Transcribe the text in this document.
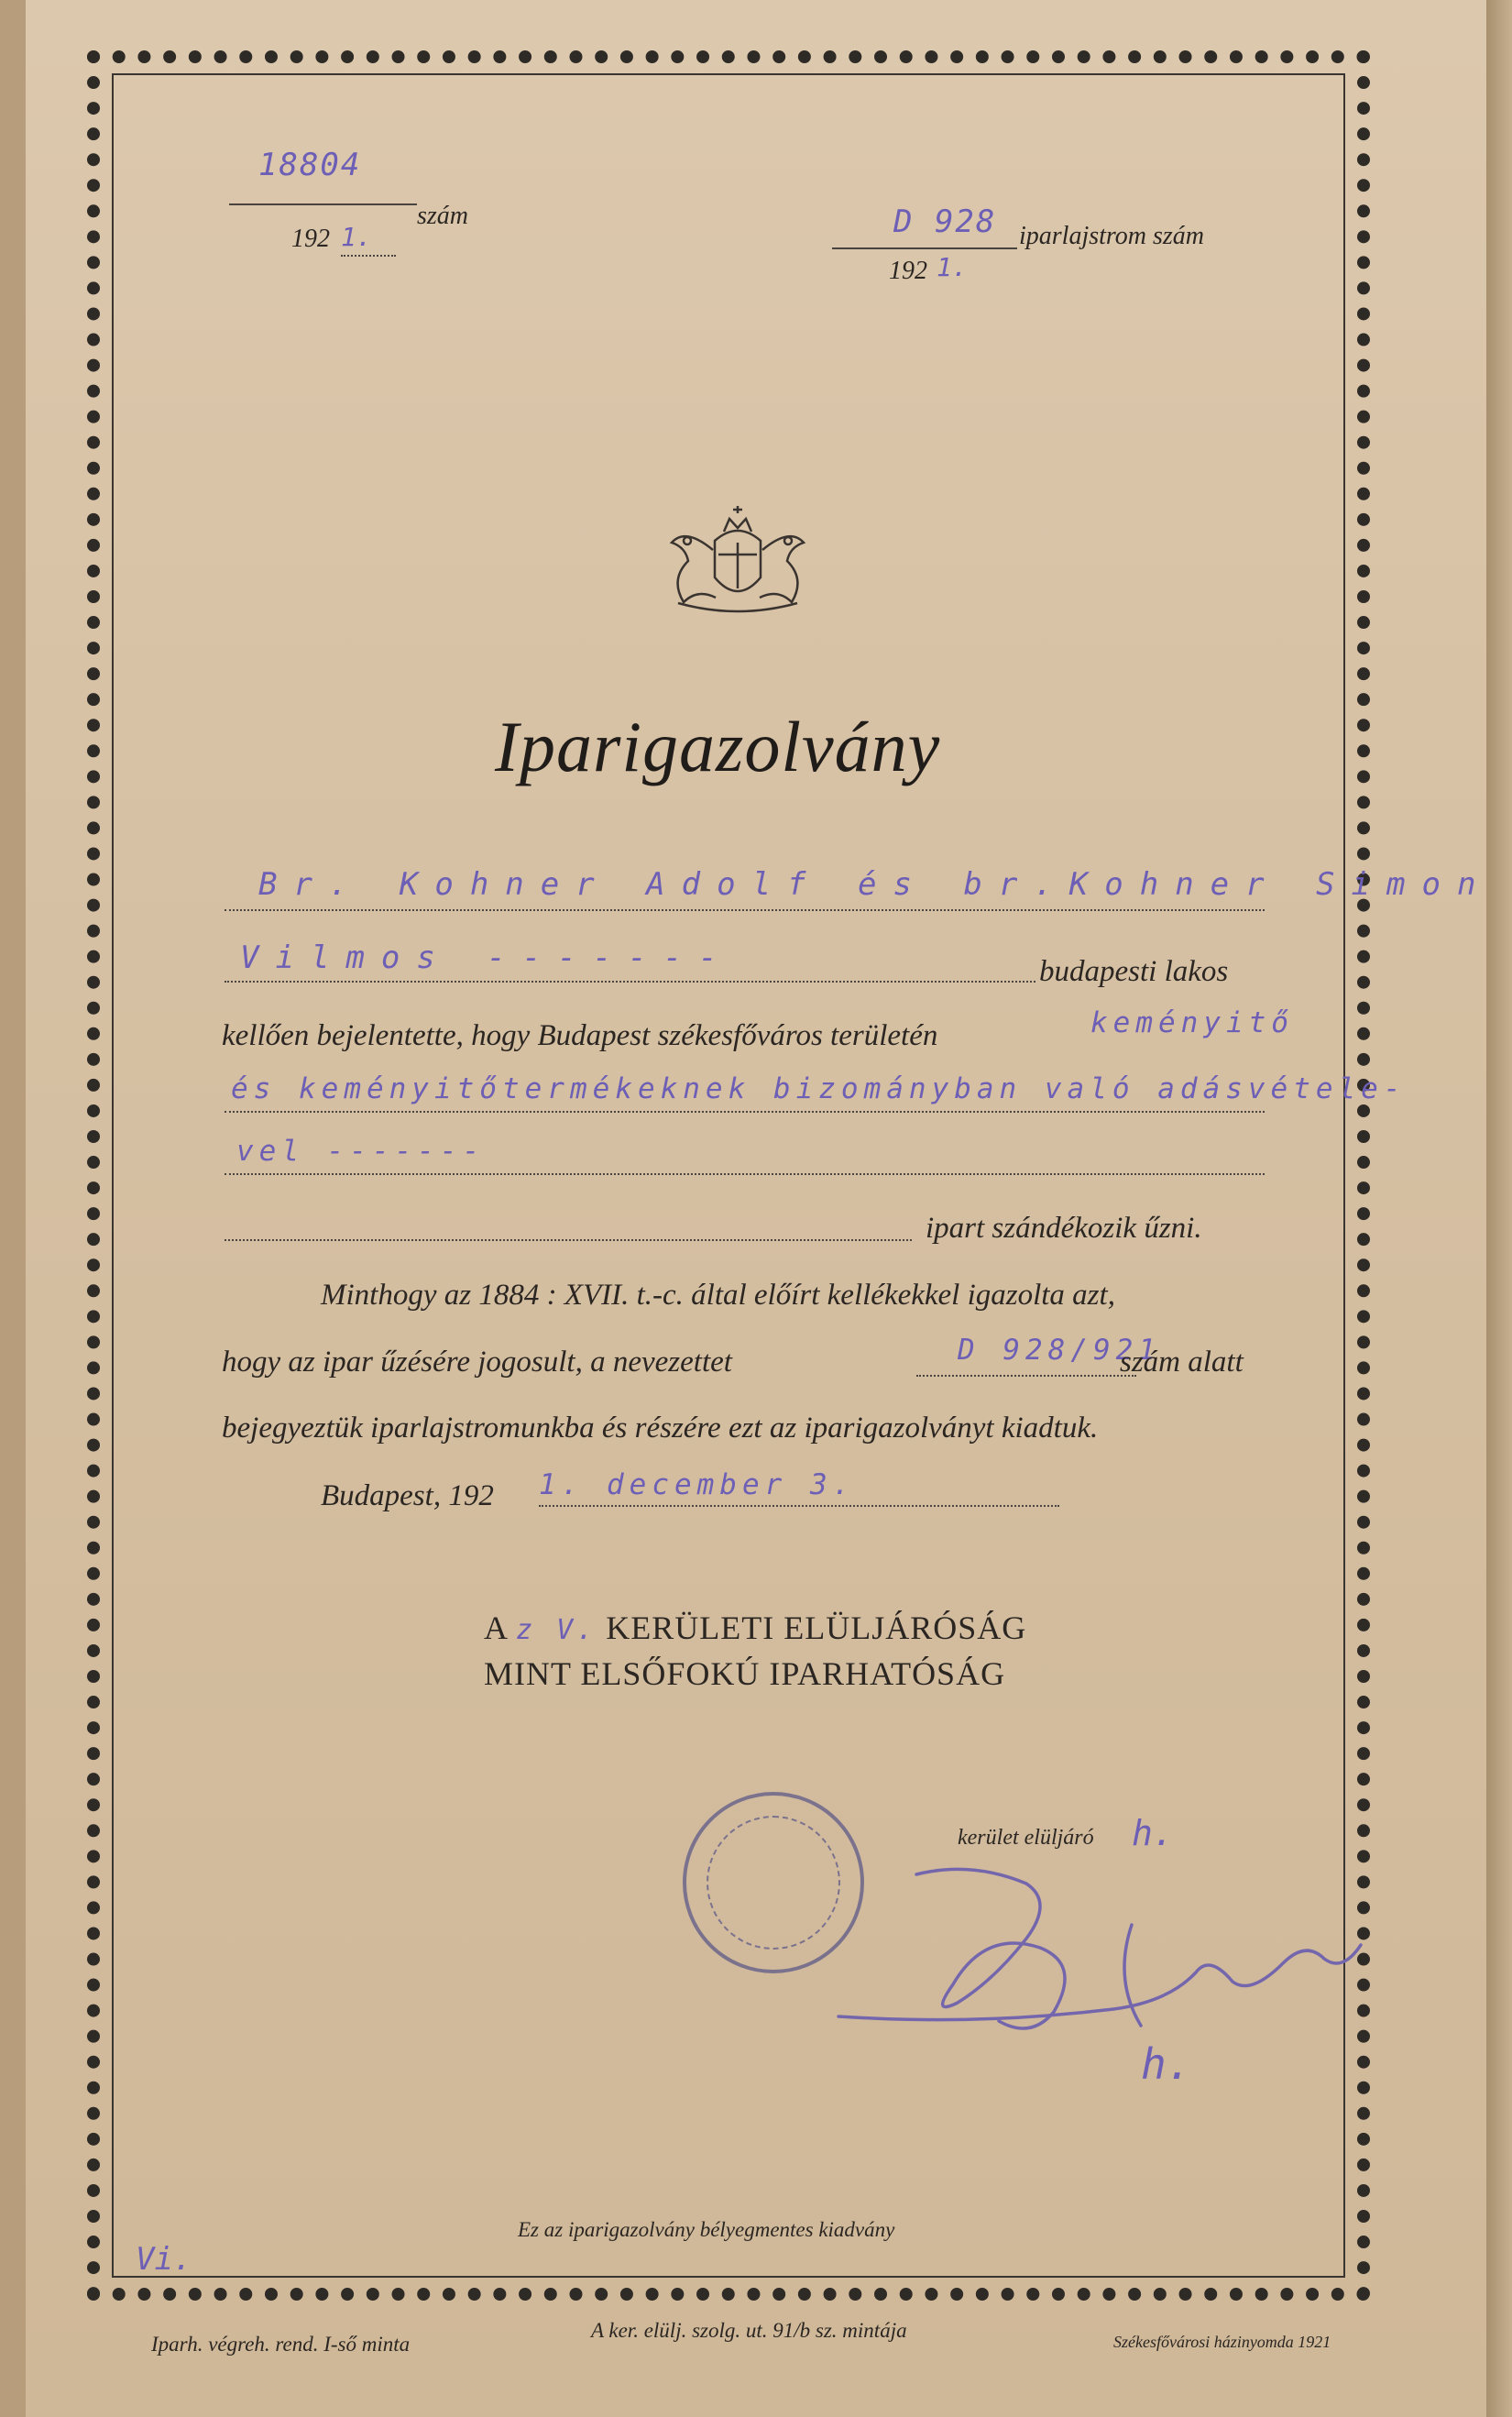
18804
szám
192 1.	D 928 iparlajstrom szám
192 1.
Iparigazolvány
Br. Kohner Adolf és br.Kohner Simon
Vilmos -------	budapesti lakos
kellően bejelentette, hogy Budapest székesfőváros területén	keményitő
és keményitőtermékeknek bizományban való adásvétele-
vel -------
ipart szándékozik űzni.
Minthogy az 1884 : XVII. t.-c. által előírt kellékekkel igazolta azt,
hogy az ipar űzésére jogosult, a nevezettet	D 928/921
szám alatt
bejegyeztük iparlajstromunkba és részére ezt az iparigazolványt kiadtuk.
Budapest, 192 1. december 3.
A z V. KERÜLETI ELÜLJÁRÓSÁG
MINT ELSŐFOKÚ IPARHATÓSÁG
kerület elüljáró h.
h.
Vi.
Ez az iparigazolvány bélyegmentes kiadvány
Iparh. végreh. rend. I-ső minta
A ker. elülj. szolg. ut. 91/b sz. mintája	Székesfővárosi házinyomda 1921
